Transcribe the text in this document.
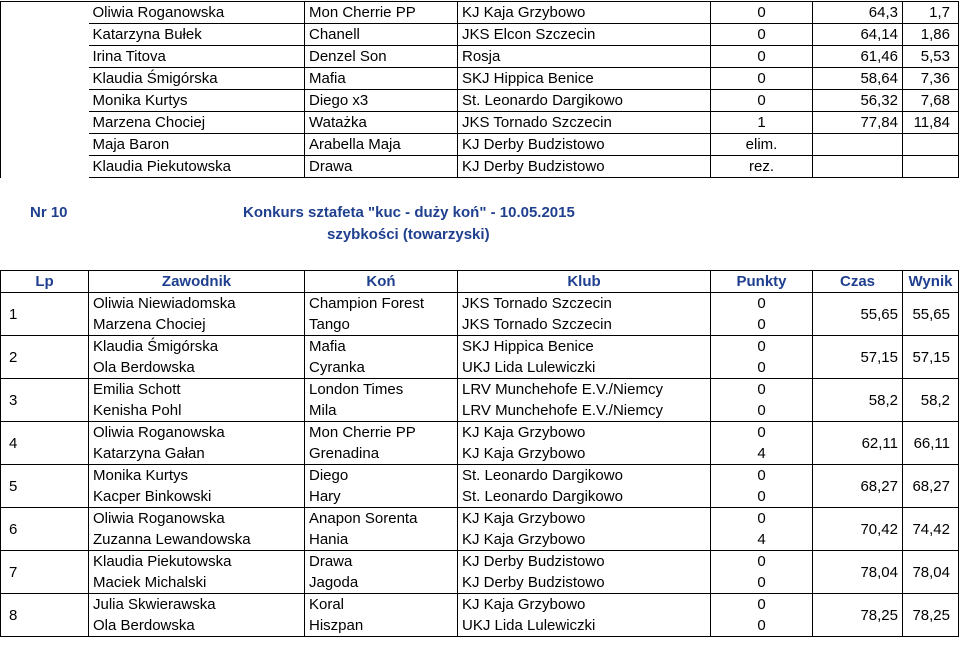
	Oliwia Roganowska	Mon Cherrie PP	KJ Kaja Grzybowo	0	64,3	1,7
	Katarzyna Bułek	Chanell	JKS Elcon Szczecin	0	64,14	1,86
	Irina Titova	Denzel Son	Rosja	0	61,46	5,53
	Klaudia Śmigórska	Mafia	SKJ Hippica Benice	0	58,64	7,36
	Monika Kurtys	Diego x3	St. Leonardo Dargikowo	0	56,32	7,68
	Marzena Chociej	Watażka	JKS Tornado Szczecin	1	77,84	11,84
	Maja Baron	Arabella Maja	KJ Derby Budzistowo	elim.		
	Klaudia Piekutowska	Drawa	KJ Derby Budzistowo	rez.		
Nr 10	Konkurs sztafeta "kuc - duży koń" - 10.05.2015
szybkości (towarzyski)
Lp	Zawodnik	Koń	Klub	Punkty	Czas	Wynik
1	Oliwia Niewiadomska	Champion Forest	JKS Tornado Szczecin	0	55,65	55,65
	Marzena Chociej	Tango	JKS Tornado Szczecin	0		
2	Klaudia Śmigórska	Mafia	SKJ Hippica Benice	0	57,15	57,15
	Ola Berdowska	Cyranka	UKJ Lida Lulewiczki	0		
3	Emilia Schott	London Times	LRV Munchehofe E.V./Niemcy	0	58,2	58,2
	Kenisha Pohl	Mila	LRV Munchehofe E.V./Niemcy	0		
4	Oliwia Roganowska	Mon Cherrie PP	KJ Kaja Grzybowo	0	62,11	66,11
	Katarzyna Gałan	Grenadina	KJ Kaja Grzybowo	4		
5	Monika Kurtys	Diego	St. Leonardo Dargikowo	0	68,27	68,27
	Kacper Binkowski	Hary	St. Leonardo Dargikowo	0		
6	Oliwia Roganowska	Anapon Sorenta	KJ Kaja Grzybowo	0	70,42	74,42
	Zuzanna Lewandowska	Hania	KJ Kaja Grzybowo	4		
7	Klaudia Piekutowska	Drawa	KJ Derby Budzistowo	0	78,04	78,04
	Maciek Michalski	Jagoda	KJ Derby Budzistowo	0		
8	Julia Skwierawska	Koral	KJ Kaja Grzybowo	0	78,25	78,25
	Ola Berdowska	Hiszpan	UKJ Lida Lulewiczki	0		
